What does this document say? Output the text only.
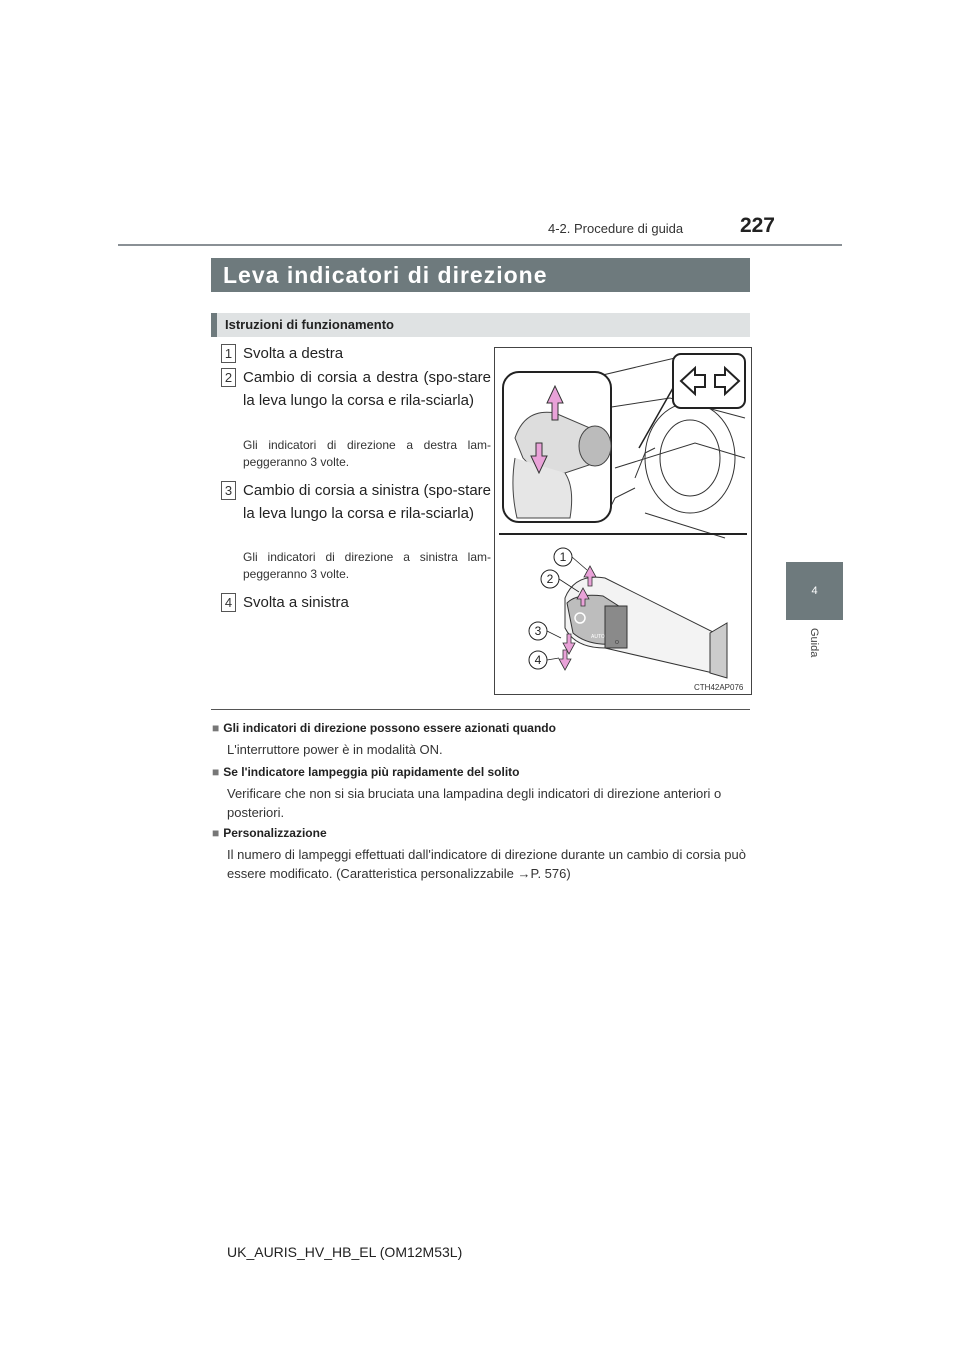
227
4-2. Procedure di guida
4
Guida
Leva indicatori di direzione
Istruzioni di funzionamento
1 Svolta a destra
2 Cambio di corsia a destra (spo-stare la leva lungo la corsa e rila-sciarla)
Gli indicatori di direzione a destra lam-peggeranno 3 volte.
3 Cambio di corsia a sinistra (spo-stare la leva lungo la corsa e rila-sciarla)
Gli indicatori di direzione a sinistra lam-peggeranno 3 volte.
4 Svolta a sinistra
AUTO
O
1
2
3
4
CTH42AP076
■ Gli indicatori di direzione possono essere azionati quando
L'interruttore power è in modalità ON.
■ Se l'indicatore lampeggia più rapidamente del solito
Verificare che non si sia bruciata una lampadina degli indicatori di direzione anteriori o posteriori.
■ Personalizzazione
Il numero di lampeggi effettuati dall'indicatore di direzione durante un cambio di corsia può essere modificato. (Caratteristica personalizzabile →P. 576)
UK_AURIS_HV_HB_EL (OM12M53L)
